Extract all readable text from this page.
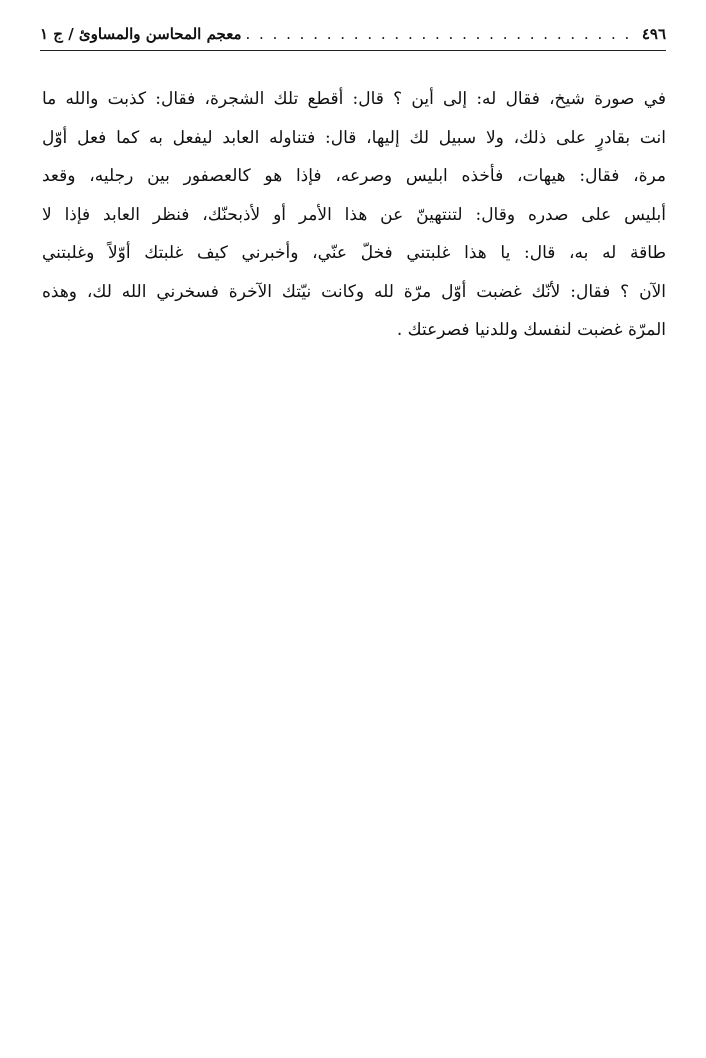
٤٩٦
. . .
معجم المحاسن والمساوئ / ج ١
في صورة شيخ، فقال له: إلى أين ؟ قال: أقطع تلك الشجرة، فقال: كذبت والله ما
انت بقادرٍ على ذلك، ولا سبيل لك إليها، قال: فتناوله العابد ليفعل به كما فعل أوّل
مرة، فقال: هيهات، فأخذه ابليس وصرعه، فإذا هو كالعصفور بين رجليه، وقعد
أبليس على صدره وقال: لتنتهينّ عن هذا الأمر أو لأذبحنّك، فنظر العابد فإذا لا
طاقة له به، قال: يا هذا غلبتني فخلّ عنّي، وأخبرني كيف غلبتك أوّلاً وغلبتني
الآن ؟ فقال: لأنّك غضبت أوّل مرّة لله وكانت نيّتك الآخرة فسخرني الله لك، وهذه
المرّة غضبت لنفسك وللدنيا فصرعتك .
